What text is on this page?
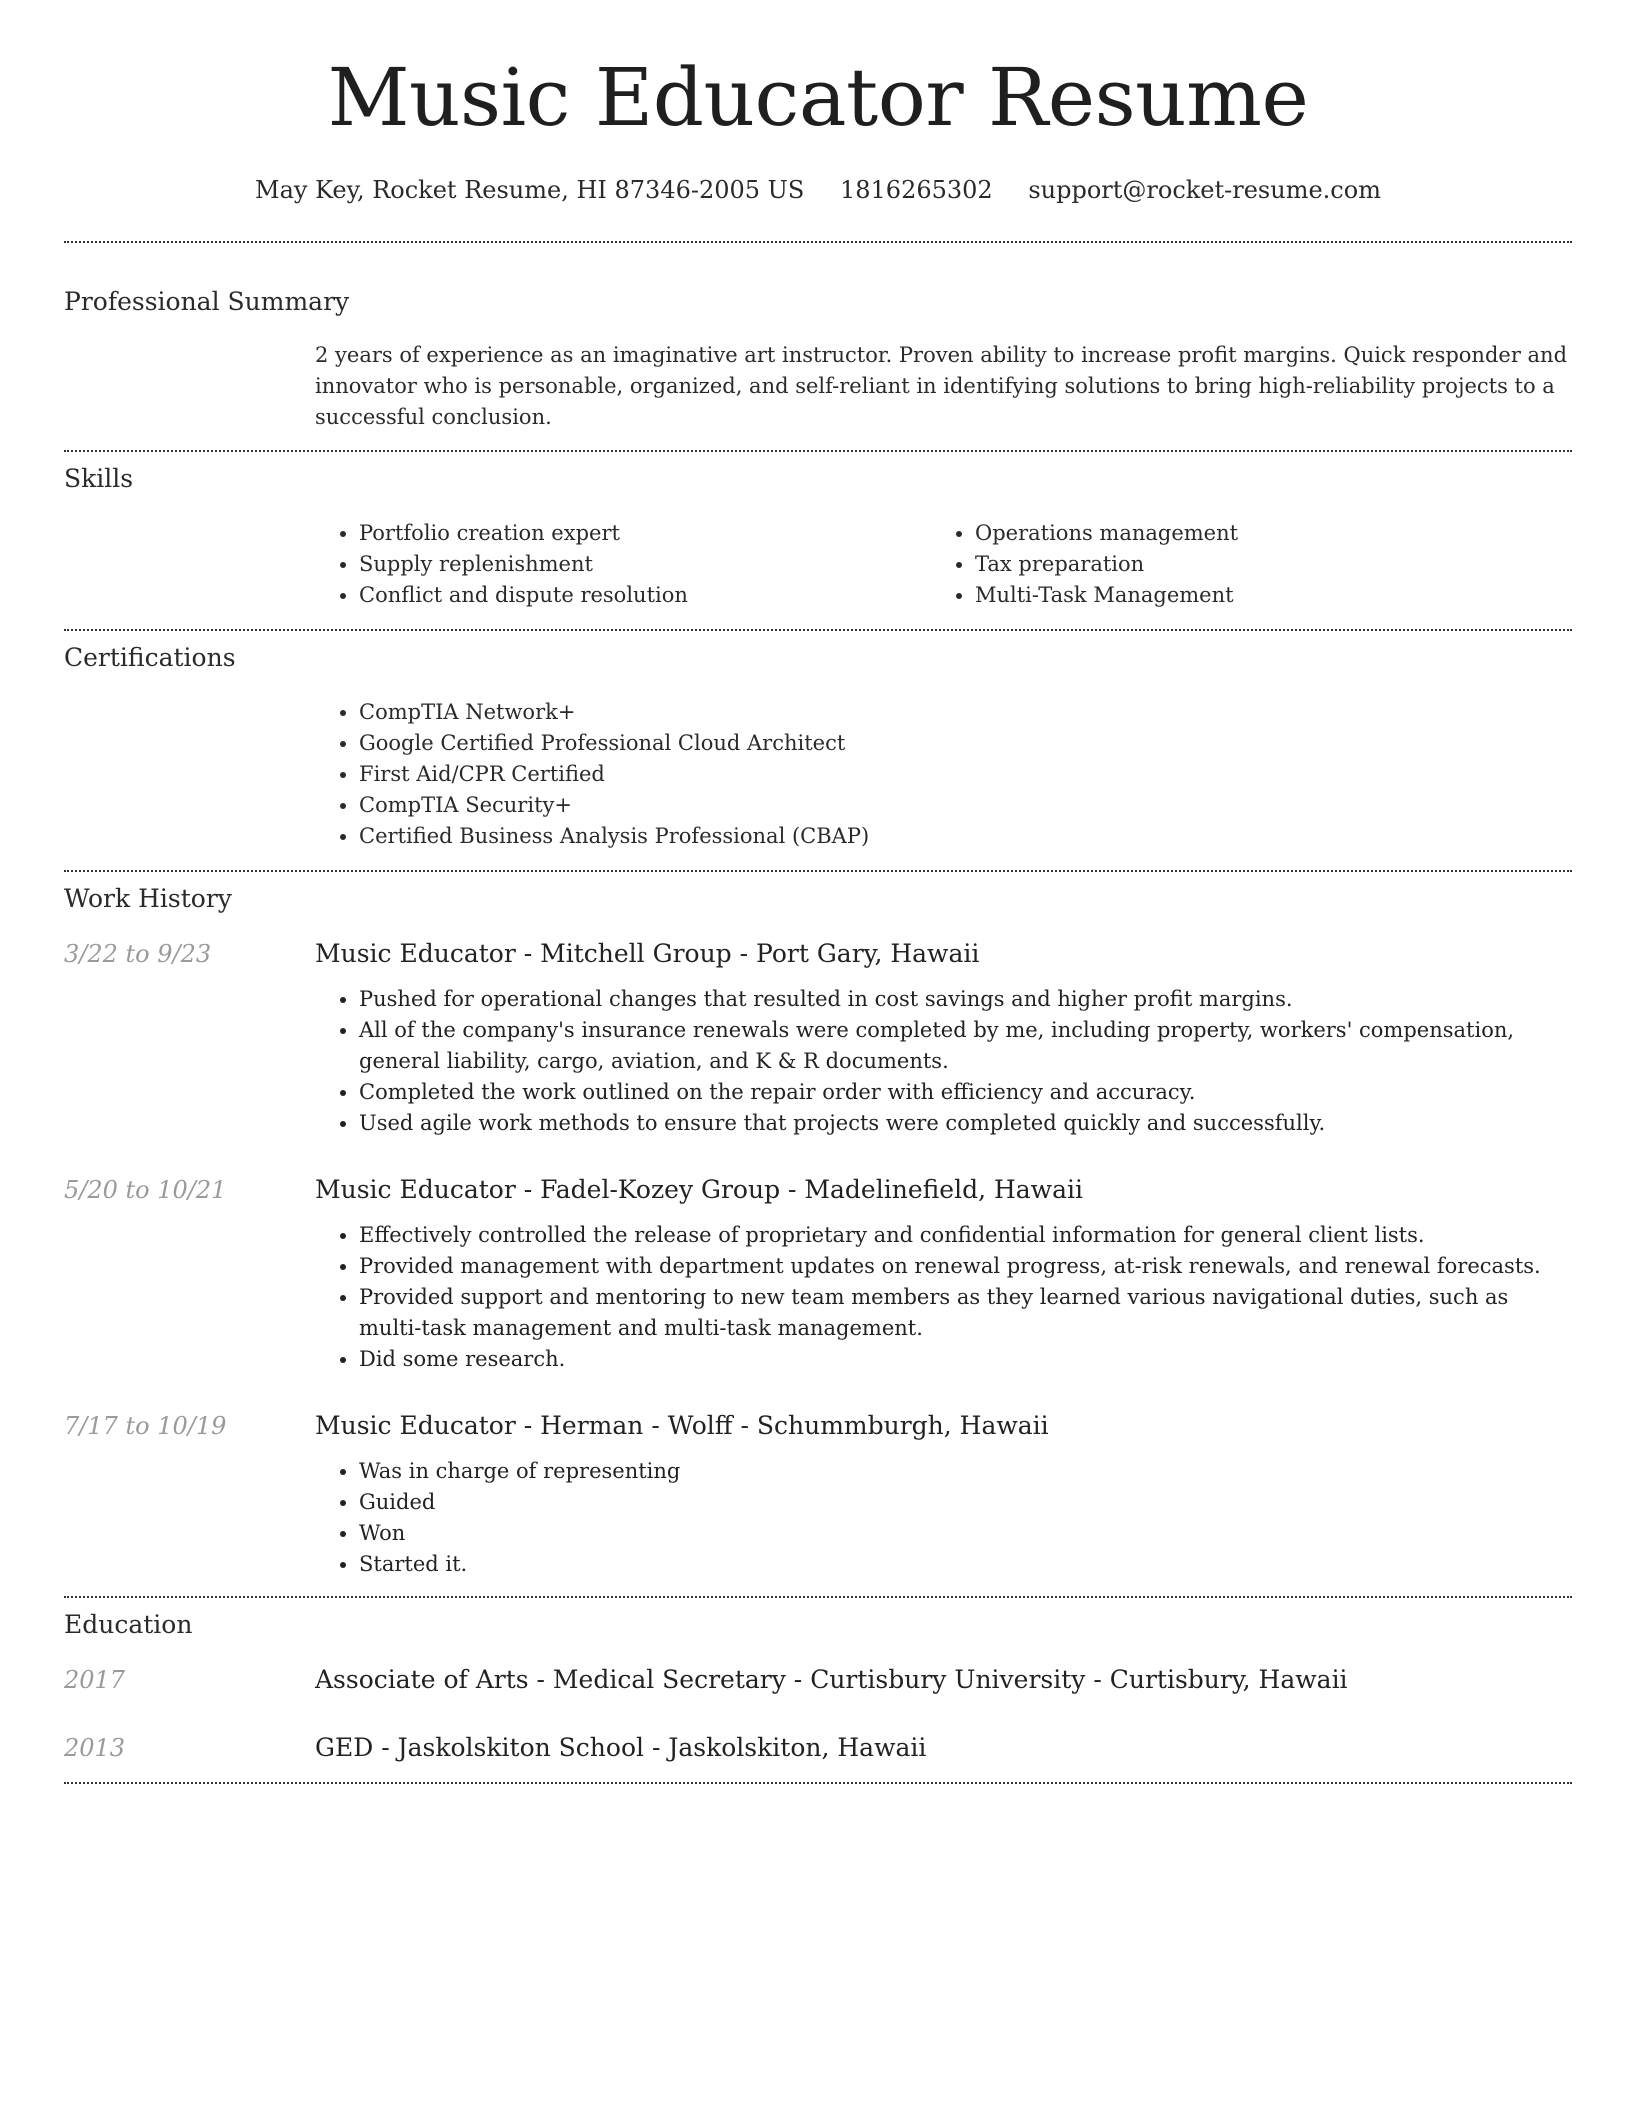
Music Educator Resume
May Key, Rocket Resume, HI 87346-2005 US 1816265302 support@rocket-resume.com
Professional Summary
2 years of experience as an imaginative art instructor. Proven ability to increase profit margins. Quick responder and innovator who is personable, organized, and self-reliant in identifying solutions to bring high-reliability projects to a successful conclusion.
Skills
• Portfolio creation expert
• Supply replenishment
• Conflict and dispute resolution
• Operations management
• Tax preparation
• Multi-Task Management
Certifications
• CompTIA Network+
• Google Certified Professional Cloud Architect
• First Aid/CPR Certified
• CompTIA Security+
• Certified Business Analysis Professional (CBAP)
Work History
3/22 to 9/23	Music Educator - Mitchell Group - Port Gary, Hawaii
• Pushed for operational changes that resulted in cost savings and higher profit margins.
• All of the company's insurance renewals were completed by me, including property, workers' compensation, general liability, cargo, aviation, and K & R documents.
• Completed the work outlined on the repair order with efficiency and accuracy.
• Used agile work methods to ensure that projects were completed quickly and successfully.
5/20 to 10/21	Music Educator - Fadel-Kozey Group - Madelinefield, Hawaii
• Effectively controlled the release of proprietary and confidential information for general client lists.
• Provided management with department updates on renewal progress, at-risk renewals, and renewal forecasts.
• Provided support and mentoring to new team members as they learned various navigational duties, such as multi-task management and multi-task management.
• Did some research.
7/17 to 10/19	Music Educator - Herman - Wolff - Schummburgh, Hawaii
• Was in charge of representing
• Guided
• Won
• Started it.
Education
2017	Associate of Arts - Medical Secretary - Curtisbury University - Curtisbury, Hawaii
2013	GED - Jaskolskiton School - Jaskolskiton, Hawaii
